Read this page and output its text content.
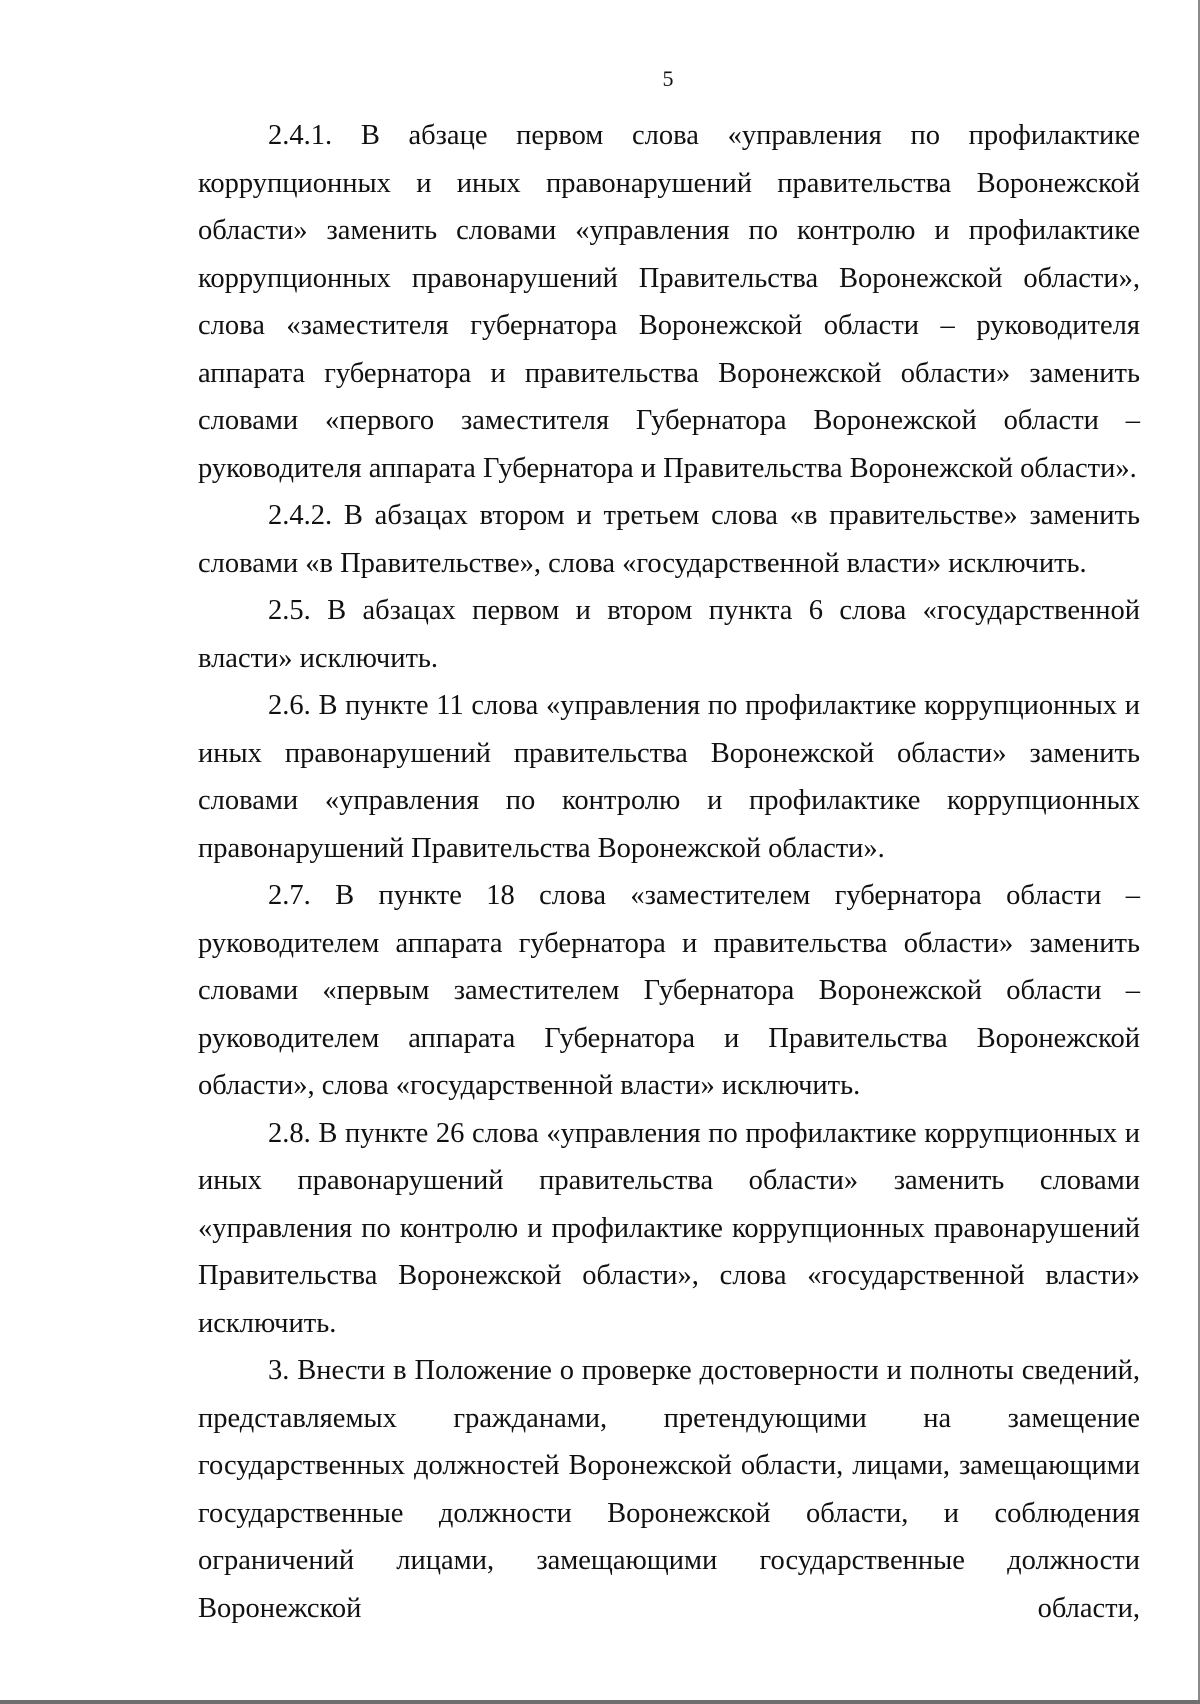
5

2.4.1. В абзаце первом слова «управления по профилактике коррупционных и иных правонарушений правительства Воронежской области» заменить словами «управления по контролю и профилактике коррупционных правонарушений Правительства Воронежской области», слова «заместителя губернатора Воронежской области – руководителя аппарата губернатора и правительства Воронежской области» заменить словами «первого заместителя Губернатора Воронежской области – руководителя аппарата Губернатора и Правительства Воронежской области».

2.4.2. В абзацах втором и третьем слова «в правительстве» заменить словами «в Правительстве», слова «государственной власти» исключить.

2.5. В абзацах первом и втором пункта 6 слова «государственной власти» исключить.

2.6. В пункте 11 слова «управления по профилактике коррупционных и иных правонарушений правительства Воронежской области» заменить словами «управления по контролю и профилактике коррупционных правонарушений Правительства Воронежской области».

2.7. В пункте 18 слова «заместителем губернатора области – руководителем аппарата губернатора и правительства области» заменить словами «первым заместителем Губернатора Воронежской области – руководителем аппарата Губернатора и Правительства Воронежской области», слова «государственной власти» исключить.

2.8. В пункте 26 слова «управления по профилактике коррупционных и иных правонарушений правительства области» заменить словами «управления по контролю и профилактике коррупционных правонарушений Правительства Воронежской области», слова «государственной власти» исключить.

3. Внести в Положение о проверке достоверности и полноты сведений, представляемых гражданами, претендующими на замещение государственных должностей Воронежской области, лицами, замещающими государственные должности Воронежской области, и соблюдения ограничений лицами, замещающими государственные должности Воронежской области,
